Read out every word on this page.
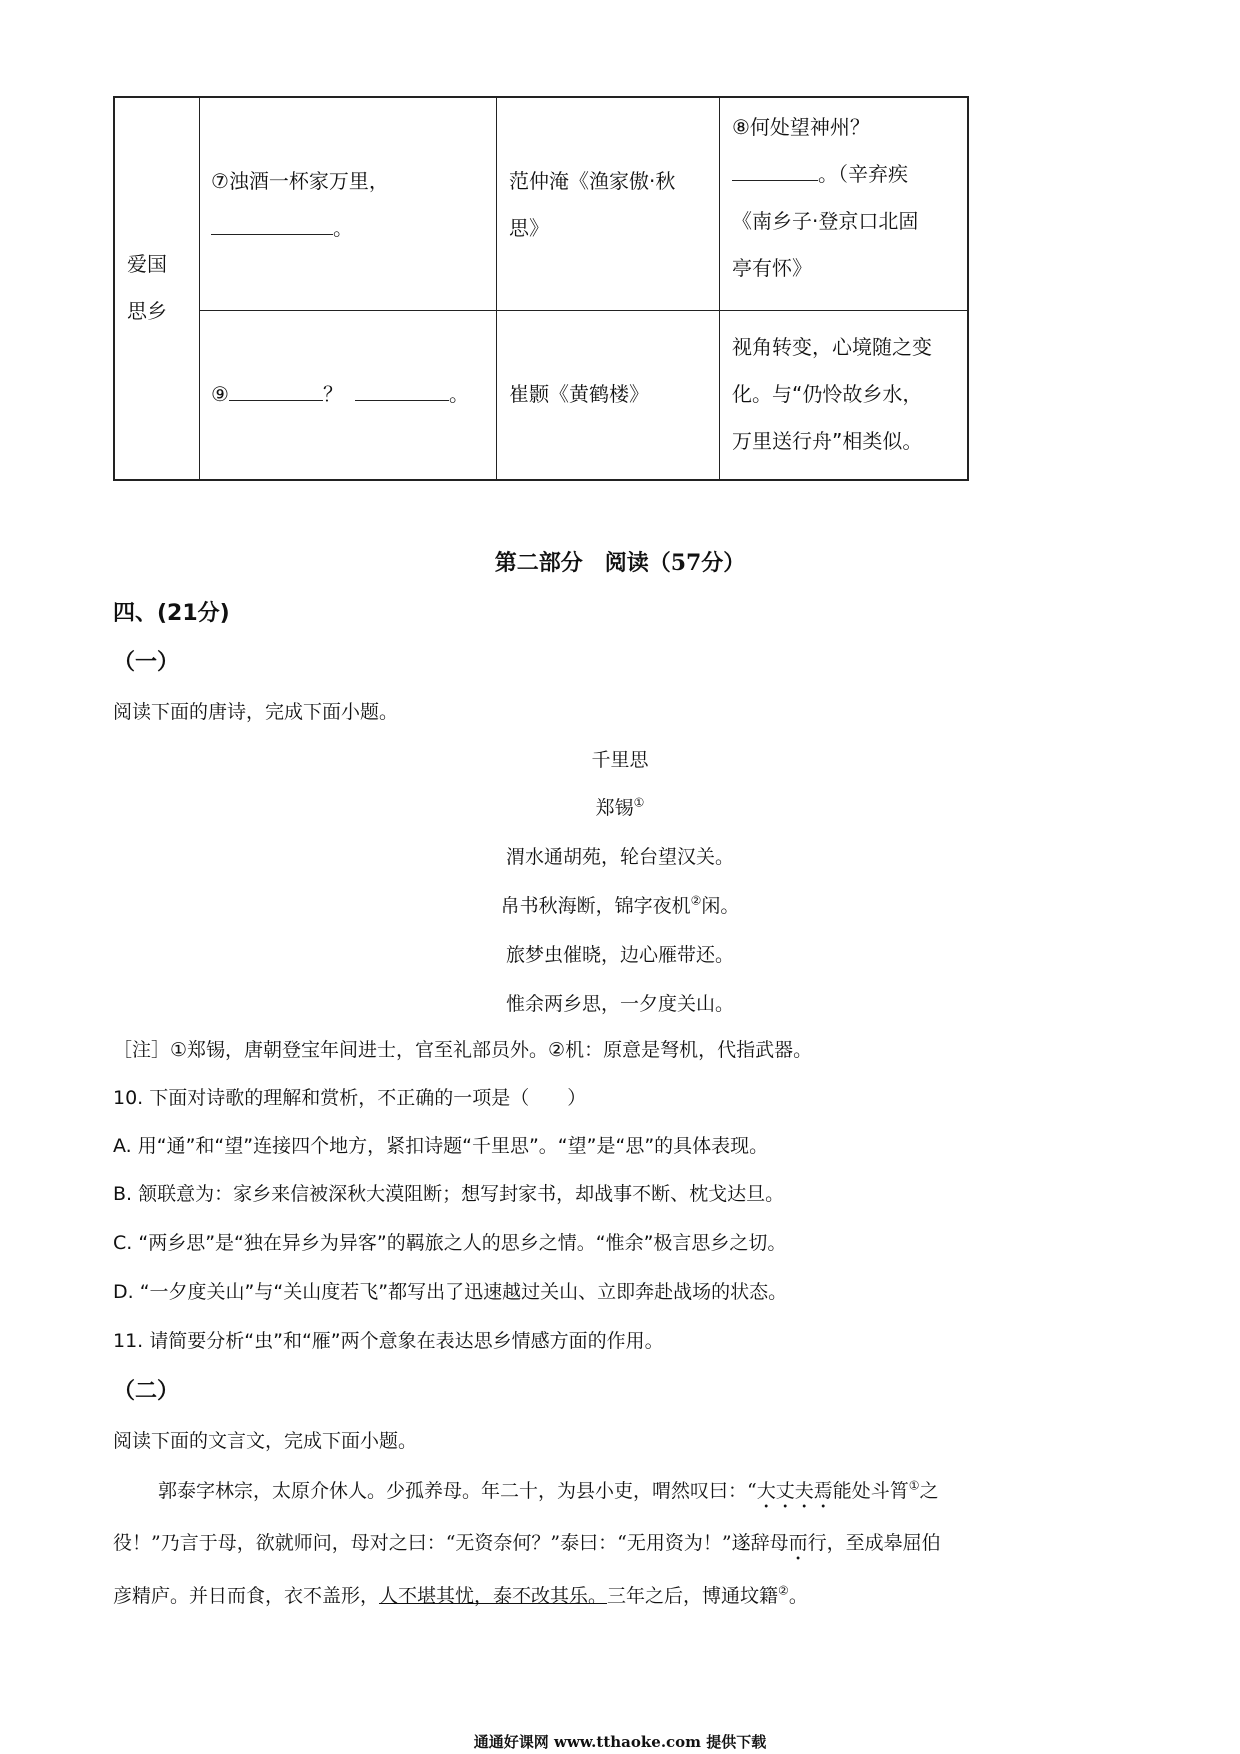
爱国
思乡
⑦浊酒一杯家万里，
。
范仲淹《渔家傲·秋
思》
⑧何处望神州？
。（辛弃疾
《南乡子·登京口北固
亭有怀》
⑨	？	。 崔颢《黄鹤楼》
视角转变，心境随之变
化。与“仍怜故乡水，
万里送行舟”相类似。
第二部分　阅读（57分）
四、(21分)
（一）
阅读下面的唐诗，完成下面小题。
千里思
郑锡①
渭水通胡苑，轮台望汉关。
帛书秋海断，锦字夜机②闲。
旅梦虫催晓，边心雁带还。
惟余两乡思，一夕度关山。
［注］①郑锡，唐朝登宝年间进士，官至礼部员外。②机：原意是弩机，代指武器。
10. 下面对诗歌的理解和赏析，不正确的一项是（　　）
A. 用“通”和“望”连接四个地方，紧扣诗题“千里思”。“望”是“思”的具体表现。
B. 颔联意为：家乡来信被深秋大漠阻断；想写封家书，却战事不断、枕戈达旦。
C. “两乡思”是“独在异乡为异客”的羁旅之人的思乡之情。“惟余”极言思乡之切。
D. “一夕度关山”与“关山度若飞”都写出了迅速越过关山、立即奔赴战场的状态。
11. 请简要分析“虫”和“雁”两个意象在表达思乡情感方面的作用。
（二）
阅读下面的文言文，完成下面小题。
郭泰字林宗，太原介休人。少孤养母。年二十，为县小吏，喟然叹曰：“大丈夫焉能处斗筲①之
役！”乃言于母，欲就师问，母对之曰：“无资奈何？”泰曰：“无用资为！”遂辞母而行，至成皋屈伯
彦精庐。并日而食，衣不盖形，人不堪其忧，泰不改其乐。三年之后，博通坟籍②。
通通好课网 www.tthaoke.com 提供下载
